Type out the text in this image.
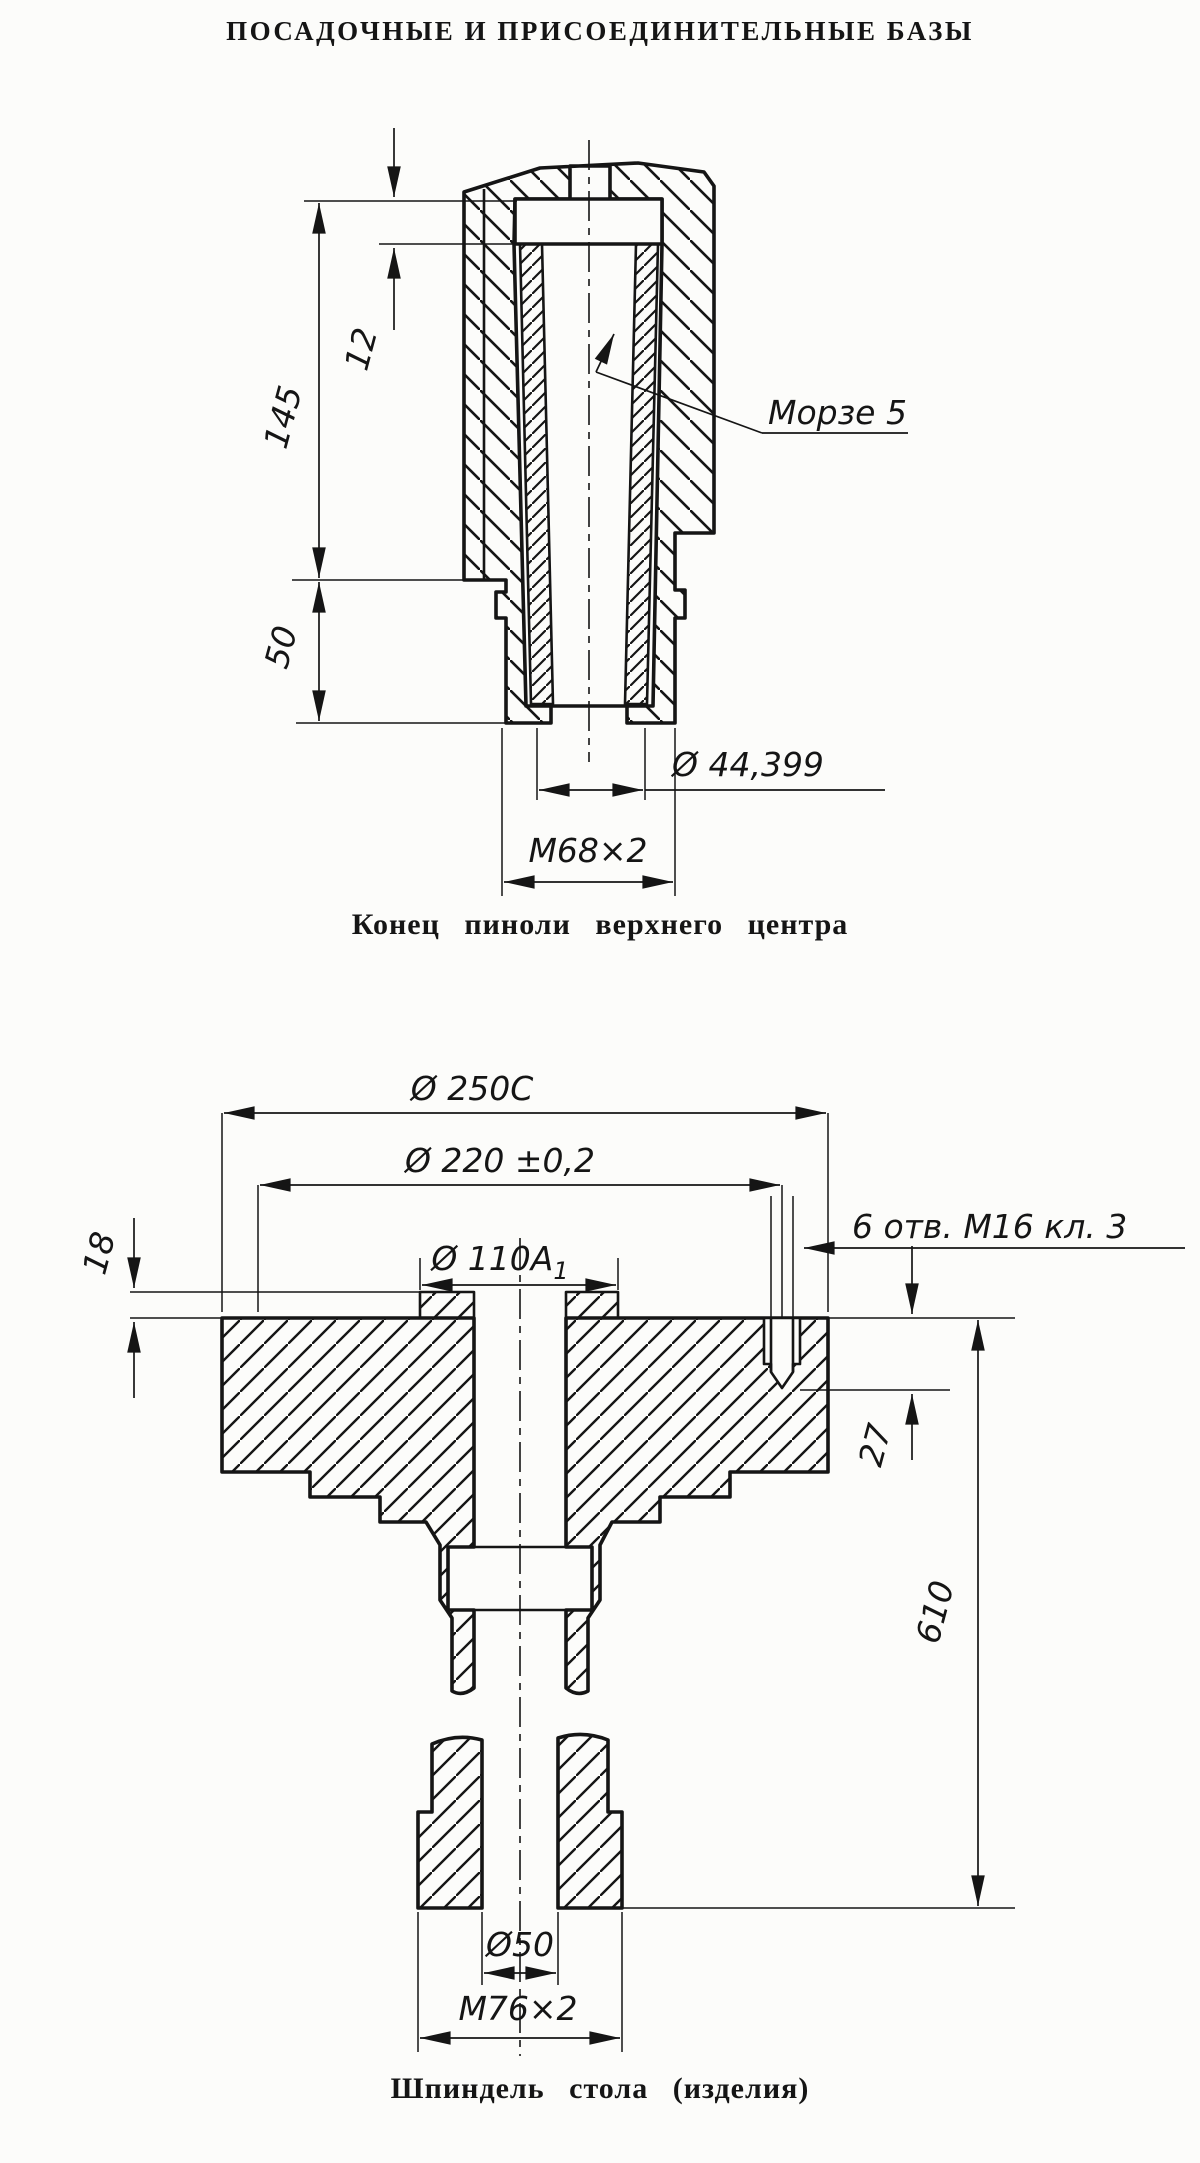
ПОСАДОЧНЫЕ И ПРИСОЕДИНИТЕЛЬНЫЕ БАЗЫ
12
145
50
Морзе 5
Ø 44,399
М68×2
Ø 250C
Ø 220 ±0,2
Ø $110A_1$
6 отв. М16 кл. 3
18
27
610
Ø50
М76×2
Конец пиноли верхнего центра
Шпиндель стола (изделия)
